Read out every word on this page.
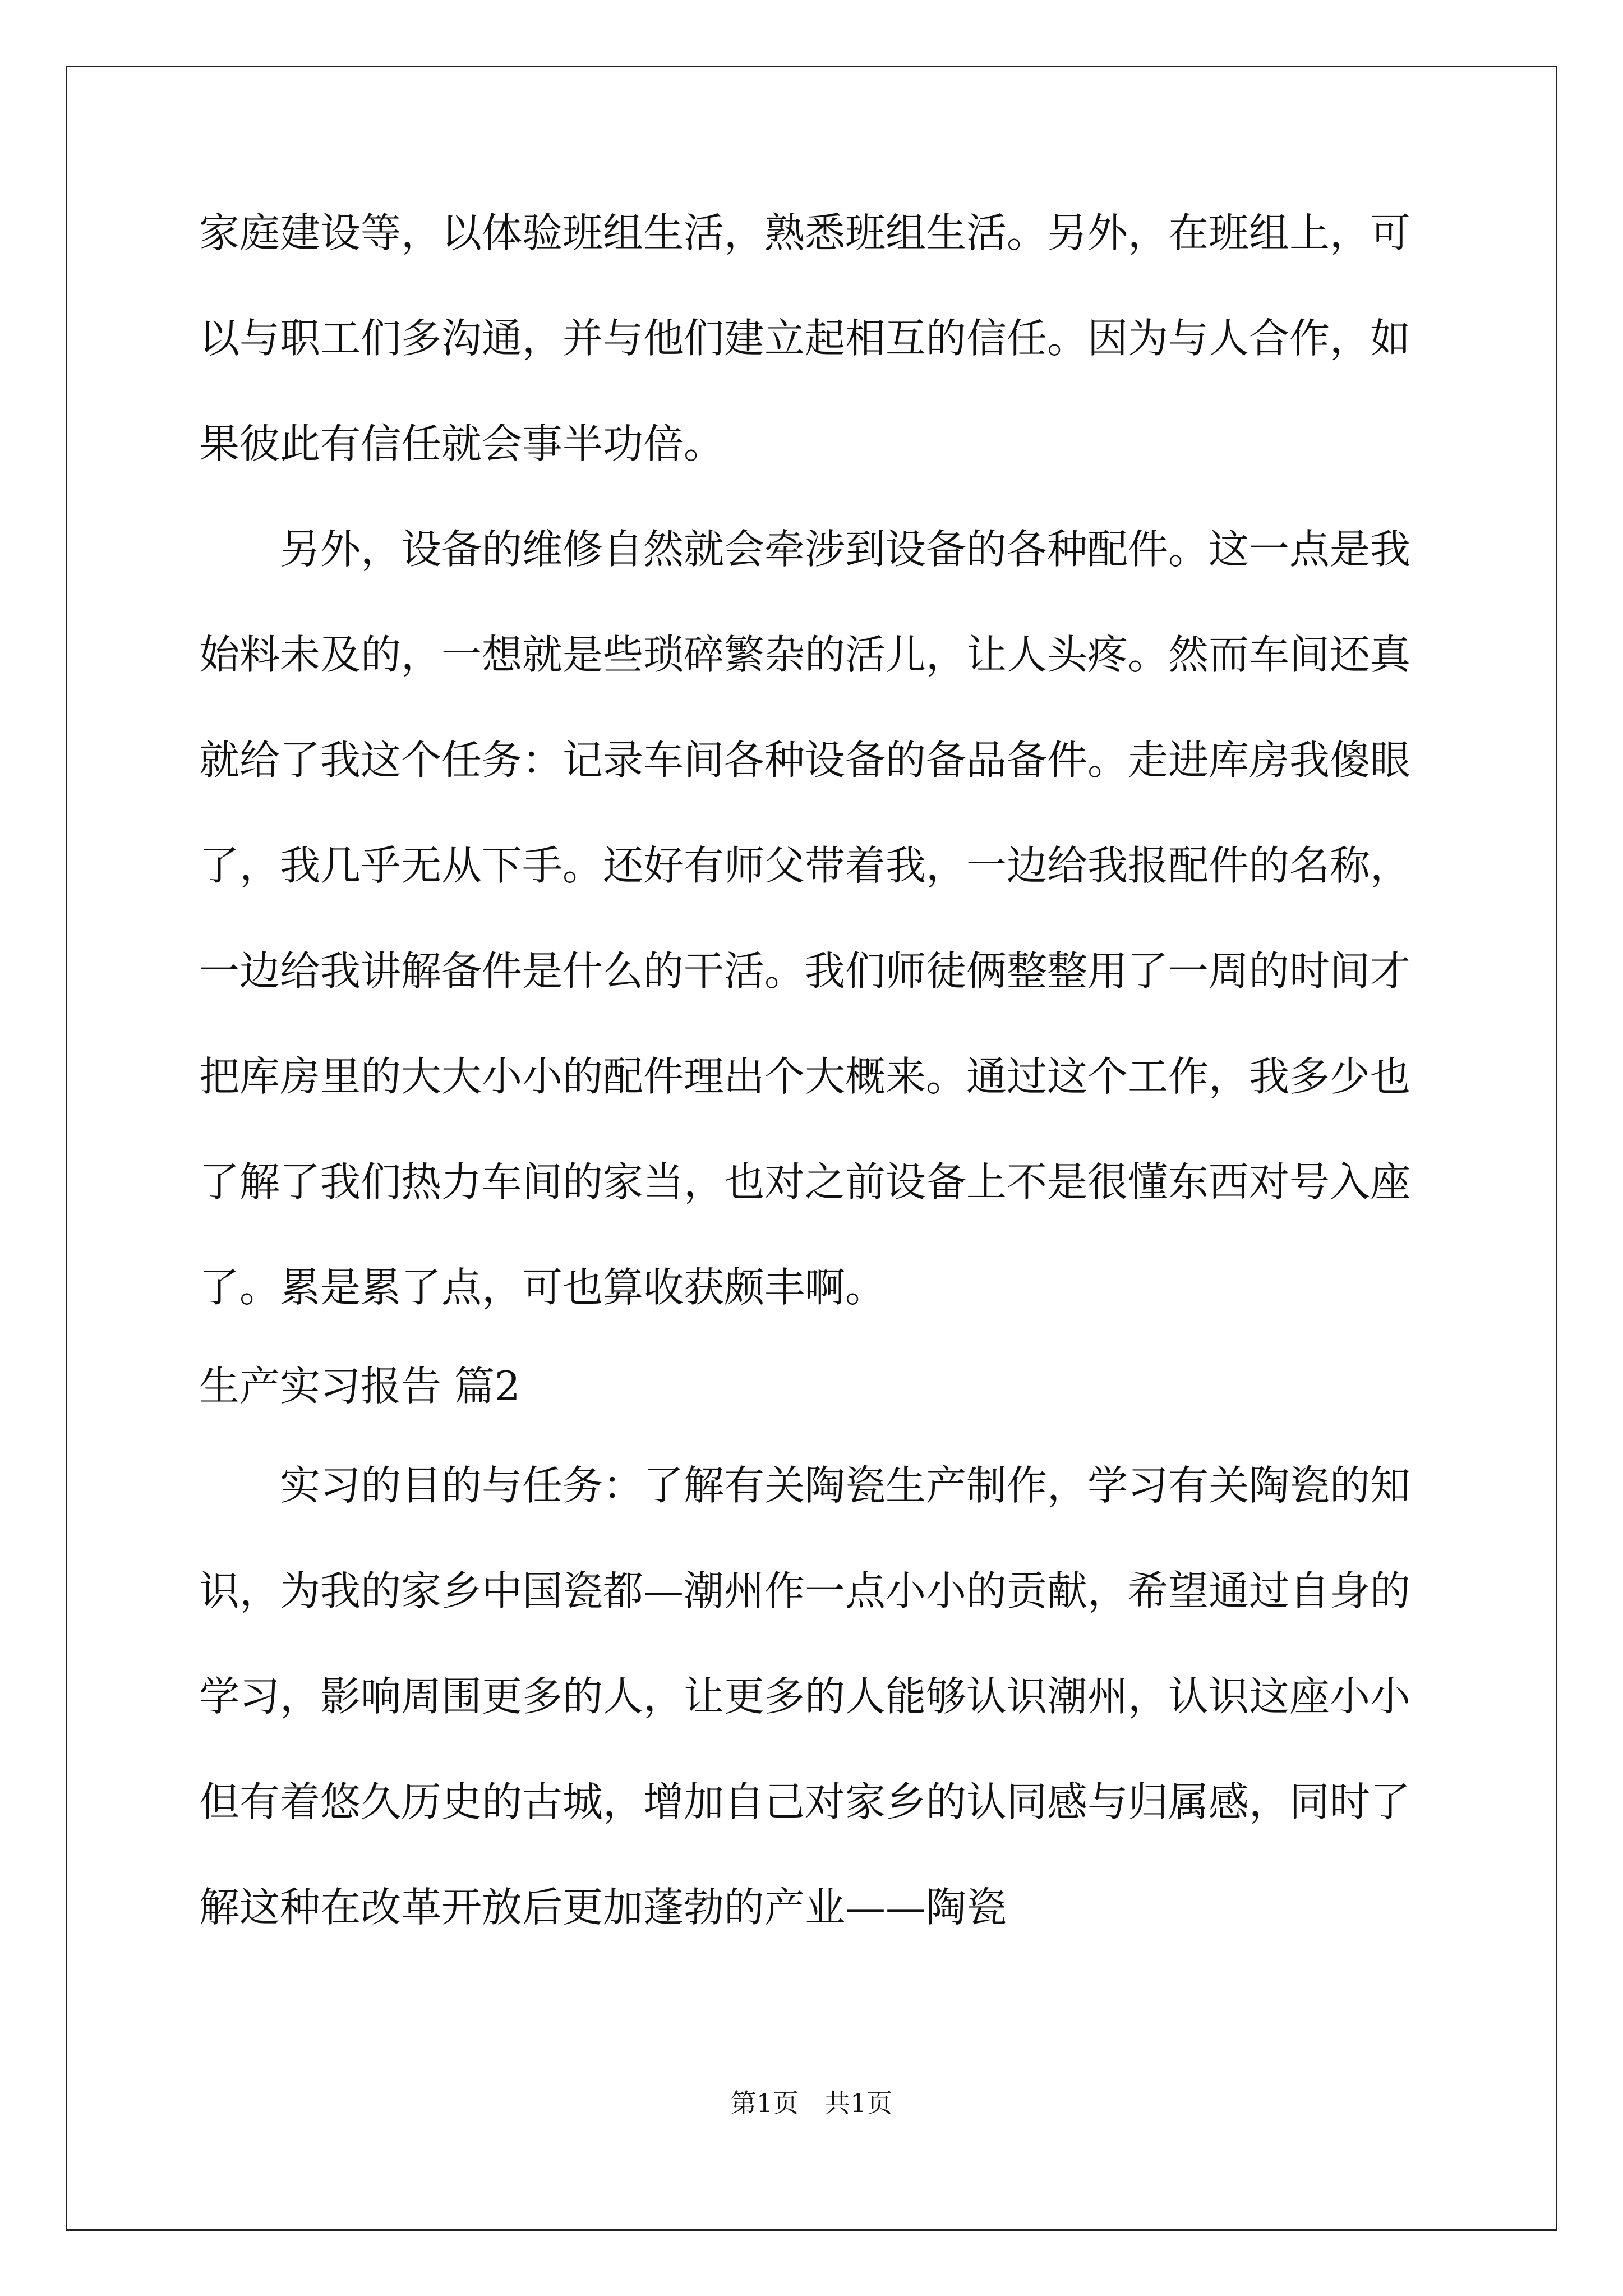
家庭建设等，以体验班组生活，熟悉班组生活。另外，在班组上，可
以与职工们多沟通，并与他们建立起相互的信任。因为与人合作，如
果彼此有信任就会事半功倍。
　　另外，设备的维修自然就会牵涉到设备的各种配件。这一点是我
始料未及的，一想就是些琐碎繁杂的活儿，让人头疼。然而车间还真
就给了我这个任务：记录车间各种设备的备品备件。走进库房我傻眼
了，我几乎无从下手。还好有师父带着我，一边给我报配件的名称，
一边给我讲解备件是什么的干活。我们师徒俩整整用了一周的时间才
把库房里的大大小小的配件理出个大概来。通过这个工作，我多少也
了解了我们热力车间的家当，也对之前设备上不是很懂东西对号入座
了。累是累了点，可也算收获颇丰啊。
生产实习报告 篇2
　　实习的目的与任务：了解有关陶瓷生产制作，学习有关陶瓷的知
识，为我的家乡中国瓷都—潮州作一点小小的贡献，希望通过自身的
学习，影响周围更多的人，让更多的人能够认识潮州，认识这座小小
但有着悠久历史的古城，增加自己对家乡的认同感与归属感，同时了
解这种在改革开放后更加蓬勃的产业——陶瓷
第1页　共1页
